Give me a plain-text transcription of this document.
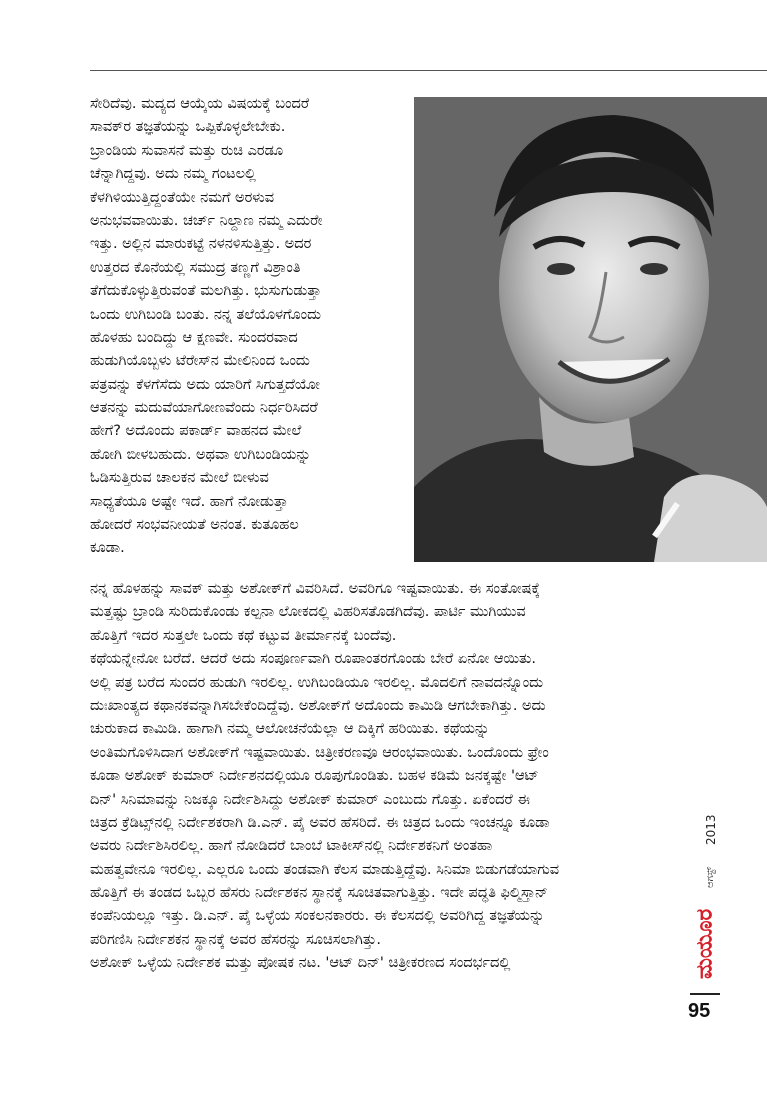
ಸೇರಿದೆವು. ಮದ್ಯದ ಆಯ್ಕೆಯ ವಿಷಯಕ್ಕೆ ಬಂದರೆ
ಸಾವಕ್‌ರ ತಜ್ಞತೆಯನ್ನು ಒಪ್ಪಿಕೊಳ್ಳಲೇಬೇಕು.
ಬ್ರಾಂಡಿಯ ಸುವಾಸನೆ ಮತ್ತು ರುಚಿ ಎರಡೂ
ಚೆನ್ನಾಗಿದ್ದವು. ಅದು ನಮ್ಮ ಗಂಟಲಲ್ಲಿ
ಕೆಳಗಿಳಿಯುತ್ತಿದ್ದಂತೆಯೇ ನಮಗೆ ಅರಳುವ
ಅನುಭವವಾಯಿತು. ಚರ್ಚ್ ನಿಲ್ದಾಣ ನಮ್ಮ ಎದುರೇ
ಇತ್ತು. ಅಲ್ಲಿನ ಮಾರುಕಟ್ಟೆ ನಳನಳಿಸುತ್ತಿತ್ತು. ಅದರ
ಉತ್ತರದ ಕೊನೆಯಲ್ಲಿ ಸಮುದ್ರ ತಣ್ಣಗೆ ವಿಶ್ರಾಂತಿ
ತೆಗೆದುಕೊಳ್ಳುತ್ತಿರುವಂತೆ ಮಲಗಿತ್ತು. ಭುಸುಗುಡುತ್ತಾ
ಒಂದು ಉಗಿಬಂಡಿ ಬಂತು. ನನ್ನ ತಲೆಯೊಳಗೊಂದು
ಹೊಳಹು ಬಂದಿದ್ದು ಆ ಕ್ಷಣವೇ. ಸುಂದರವಾದ
ಹುಡುಗಿಯೊಬ್ಬಳು ಟೆರೇಸ್‌ನ ಮೇಲಿನಿಂದ ಒಂದು
ಪತ್ರವನ್ನು ಕೆಳಗೆಸೆದು ಅದು ಯಾರಿಗೆ ಸಿಗುತ್ತದೆಯೋ
ಆತನನ್ನು ಮದುವೆಯಾಗೋಣವೆಂದು ನಿರ್ಧರಿಸಿದರೆ
ಹೇಗೆ? ಅದೊಂದು ಪಕಾರ್ಡ್ ವಾಹನದ ಮೇಲೆ
ಹೋಗಿ ಬೀಳಬಹುದು. ಅಥವಾ ಉಗಿಬಂಡಿಯನ್ನು
ಓಡಿಸುತ್ತಿರುವ ಚಾಲಕನ ಮೇಲೆ ಬೀಳುವ
ಸಾಧ್ಯತೆಯೂ ಅಷ್ಟೇ ಇದೆ. ಹಾಗೆ ನೋಡುತ್ತಾ
ಹೋದರೆ ಸಂಭವನೀಯತೆ ಅನಂತ. ಕುತೂಹಲ
ಕೂಡಾ.
ನನ್ನ ಹೊಳಹನ್ನು ಸಾವಕ್ ಮತ್ತು ಅಶೋಕ್‌ಗೆ ವಿವರಿಸಿದೆ. ಅವರಿಗೂ ಇಷ್ಟವಾಯಿತು. ಈ ಸಂತೋಷಕ್ಕೆ
ಮತ್ತಷ್ಟು ಬ್ರಾಂಡಿ ಸುರಿದುಕೊಂಡು ಕಲ್ಪನಾ ಲೋಕದಲ್ಲಿ ವಿಹರಿಸತೊಡಗಿದೆವು. ಪಾರ್ಟಿ ಮುಗಿಯುವ
ಹೊತ್ತಿಗೆ ಇದರ ಸುತ್ತಲೇ ಒಂದು ಕಥೆ ಕಟ್ಟುವ ತೀರ್ಮಾನಕ್ಕೆ ಬಂದೆವು.
ಕಥೆಯನ್ನೇನೋ ಬರೆದೆ. ಆದರೆ ಅದು ಸಂಪೂರ್ಣವಾಗಿ ರೂಪಾಂತರಗೊಂಡು ಬೇರೆ ಏನೋ ಆಯಿತು.
ಅಲ್ಲಿ ಪತ್ರ ಬರೆದ ಸುಂದರ ಹುಡುಗಿ ಇರಲಿಲ್ಲ. ಉಗಿಬಂಡಿಯೂ ಇರಲಿಲ್ಲ. ಮೊದಲಿಗೆ ನಾವದನ್ನೊಂದು
ದುಃಖಾಂತ್ಯದ ಕಥಾನಕವನ್ನಾಗಿಸಬೇಕೆಂದಿದ್ದೆವು. ಅಶೋಕ್‌ಗೆ ಅದೊಂದು ಕಾಮಿಡಿ ಆಗಬೇಕಾಗಿತ್ತು. ಅದು
ಚುರುಕಾದ ಕಾಮಿಡಿ. ಹಾಗಾಗಿ ನಮ್ಮ ಆಲೋಚನೆಯೆಲ್ಲಾ ಆ ದಿಕ್ಕಿಗೆ ಹರಿಯಿತು. ಕಥೆಯನ್ನು
ಅಂತಿಮಗೊಳಿಸಿದಾಗ ಅಶೋಕ್‌ಗೆ ಇಷ್ಟವಾಯಿತು. ಚಿತ್ರೀಕರಣವೂ ಆರಂಭವಾಯಿತು. ಒಂದೊಂದು ಫ್ರೇಂ
ಕೂಡಾ ಅಶೋಕ್ ಕುಮಾರ್ ನಿರ್ದೇಶನದಲ್ಲಿಯೂ ರೂಪುಗೊಂಡಿತು. ಬಹಳ ಕಡಿಮೆ ಜನಕ್ಕಷ್ಟೇ 'ಆಟ್
ದಿನ್' ಸಿನಿಮಾವನ್ನು ನಿಜಕ್ಕೂ ನಿರ್ದೇಶಿಸಿದ್ದು ಅಶೋಕ್ ಕುಮಾರ್ ಎಂಬುದು ಗೊತ್ತು. ಏಕೆಂದರೆ ಈ
ಚಿತ್ರದ ಕ್ರೆಡಿಟ್ಸ್‌ನಲ್ಲಿ ನಿರ್ದೇಶಕರಾಗಿ ಡಿ.ಎನ್. ಪೈ ಅವರ ಹೆಸರಿದೆ. ಈ ಚಿತ್ರದ ಒಂದು ಇಂಚನ್ನೂ ಕೂಡಾ
ಅವರು ನಿರ್ದೇಶಿಸಿರಲಿಲ್ಲ. ಹಾಗೆ ನೋಡಿದರೆ ಬಾಂಬೆ ಟಾಕೀಸ್‌ನಲ್ಲಿ ನಿರ್ದೇಶಕನಿಗೆ ಅಂತಹಾ
ಮಹತ್ವವೇನೂ ಇರಲಿಲ್ಲ. ಎಲ್ಲರೂ ಒಂದು ತಂಡವಾಗಿ ಕೆಲಸ ಮಾಡುತ್ತಿದ್ದೆವು. ಸಿನಿಮಾ ಬಿಡುಗಡೆಯಾಗುವ
ಹೊತ್ತಿಗೆ ಈ ತಂಡದ ಒಬ್ಬರ ಹೆಸರು ನಿರ್ದೇಶಕನ ಸ್ಥಾನಕ್ಕೆ ಸೂಚಿತವಾಗುತ್ತಿತ್ತು. ಇದೇ ಪದ್ಧತಿ ಫಿಲ್ಮಿಸ್ತಾನ್
ಕಂಪೆನಿಯಲ್ಲೂ ಇತ್ತು. ಡಿ.ಎನ್. ಪೈ ಒಳ್ಳೆಯ ಸಂಕಲನಕಾರರು. ಈ ಕೆಲಸದಲ್ಲಿ ಅವರಿಗಿದ್ದ ತಜ್ಞತೆಯನ್ನು
ಪರಿಗಣಿಸಿ ನಿರ್ದೇಶಕನ ಸ್ಥಾನಕ್ಕೆ ಅವರ ಹೆಸರನ್ನು ಸೂಚಿಸಲಾಗಿತ್ತು.
ಅಶೋಕ್ ಒಳ್ಳೆಯ ನಿರ್ದೇಶಕ ಮತ್ತು ಪೋಷಕ ನಟ. 'ಆಟ್ ದಿನ್' ಚಿತ್ರೀಕರಣದ ಸಂದರ್ಭದಲ್ಲಿ
2013
ಆಗಸ್ಟ್
ಮಯೂರ
95
